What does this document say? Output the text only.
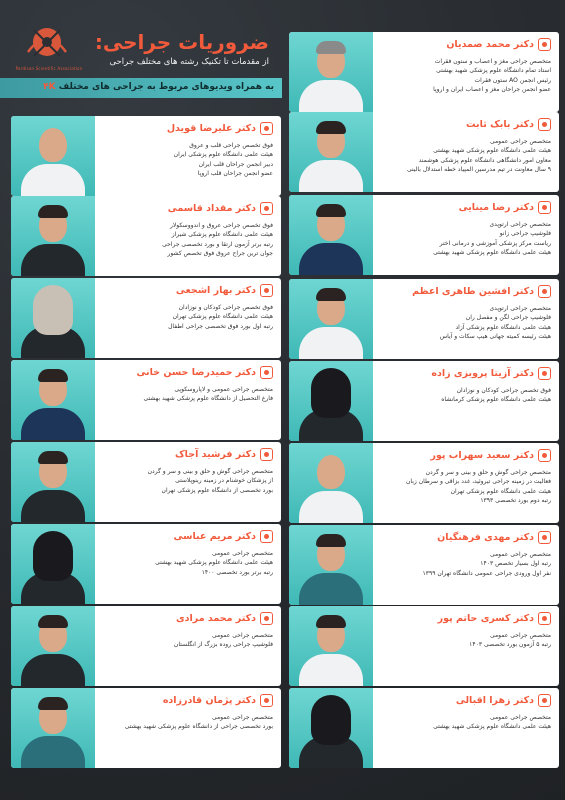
Pardisan Scientific Association
ضروریات جراحی:
از مقدمات تا تکنیک رشته های مختلف جراحی
به همراه ویدیوهای مربوط به جراحی های مختلف ۴K
دکتر محمد صمدیان
متخصص جراحی مغز و اعصاب و ستون فقرات
استاد تمام دانشگاه علوم پزشکی شهید بهشتی
رئیس انجمن AO ستون فقرات
عضو انجمن جراحان مغز و اعصاب ایران و اروپا
دکتر بابک ثابت
متخصص جراحی عمومی
هیئت علمی دانشگاه علوم پزشکی شهید بهشتی
معاون امور دانشگاهی دانشگاه علوم پزشکی هوشمند
۹ سال معاونت در تیم مدرسین المپیاد خطه استدلال بالینی
دکتر رضا مینایی
متخصص جراحی ارتوپدی
فلوشیپ جراحی زانو
ریاست مرکز پزشکی آموزشی و درمانی اختر
هیئت علمی دانشگاه علوم پزشکی شهید بهشتی
دکتر افشین طاهری اعظم
متخصص جراحی ارتوپدی
فلوشیپ جراحی لگن و مفصل ران
هیئت علمی دانشگاه علوم پزشکی آزاد
هیئت رئیسه کمیته جهانی هیپ سکات و آیاس
دکتر آزیتا پرویزی زاده
فوق تخصص جراحی کودکان و نوزادان
هیئت علمی دانشگاه علوم پزشکی کرمانشاه
دکتر سعید سهراب پور
متخصص جراحی گوش و حلق و بینی و سر و گردن
فعالیت در زمینه جراحی تیروئید، غدد بزاقی و سرطان زبان
هیئت علمی دانشگاه علوم پزشکی تهران
رتبه دوم بورد تخصصی ۱۳۹۳
دکتر مهدی فرهنگیان
متخصص جراحی عمومی
رتبه اول بسیار تخصص ۱۴۰۳
نفر اول ورودی جراحی عمومی دانشگاه تهران ۱۳۹۹
دکتر کسری حاتم پور
متخصص جراحی عمومی
رتبه ۵ آزمون بورد تخصصی ۱۴۰۳
دکتر زهرا اقبالی
متخصص جراحی عمومی
هیئت علمی دانشگاه علوم پزشکی شهید بهشتی
دکتر علیرضا قویدل
فوق تخصص جراحی قلب و عروق
هیئت علمی دانشگاه علوم پزشکی ایران
دبیر انجمن جراحان قلب ایران
عضو انجمن جراحان قلب اروپا
دکتر مقداد قاسمی
فوق تخصص جراحی عروق و اندووسکولار
هیئت علمی دانشگاه علوم پزشکی شیراز
رتبه برتر آزمون ارتقا و بورد تخصصی جراحی
جوان ترین جراح عروق فوق تخصص کشور
دکتر بهار اشجعی
فوق تخصص جراحی کودکان و نوزادان
هیئت علمی دانشگاه علوم پزشکی تهران
رتبه اول بورد فوق تخصصی جراحی اطفال
دکتر حمیدرضا حسن خانی
متخصص جراحی عمومی و لاپاروسکوپی
فارغ التحصیل از دانشگاه علوم پزشکی شهید بهشتی
دکتر فرشید آجاک
متخصص جراحی گوش و حلق و بینی و سر و گردن
از پزشکان خوشنام در زمینه رینوپلاستی
بورد تخصصی از دانشگاه علوم پزشکی تهران
دکتر مریم عباسی
متخصص جراحی عمومی
هیئت علمی دانشگاه علوم پزشکی شهید بهشتی
رتبه برتر بورد تخصصی ۱۴۰۰
دکتر محمد مرادی
متخصص جراحی عمومی
فلوشیپ جراحی روده بزرگ از انگلستان
دکتر پژمان قادرزاده
متخصص جراحی عمومی
بورد تخصصی جراحی از دانشگاه علوم پزشکی شهید بهشتی
